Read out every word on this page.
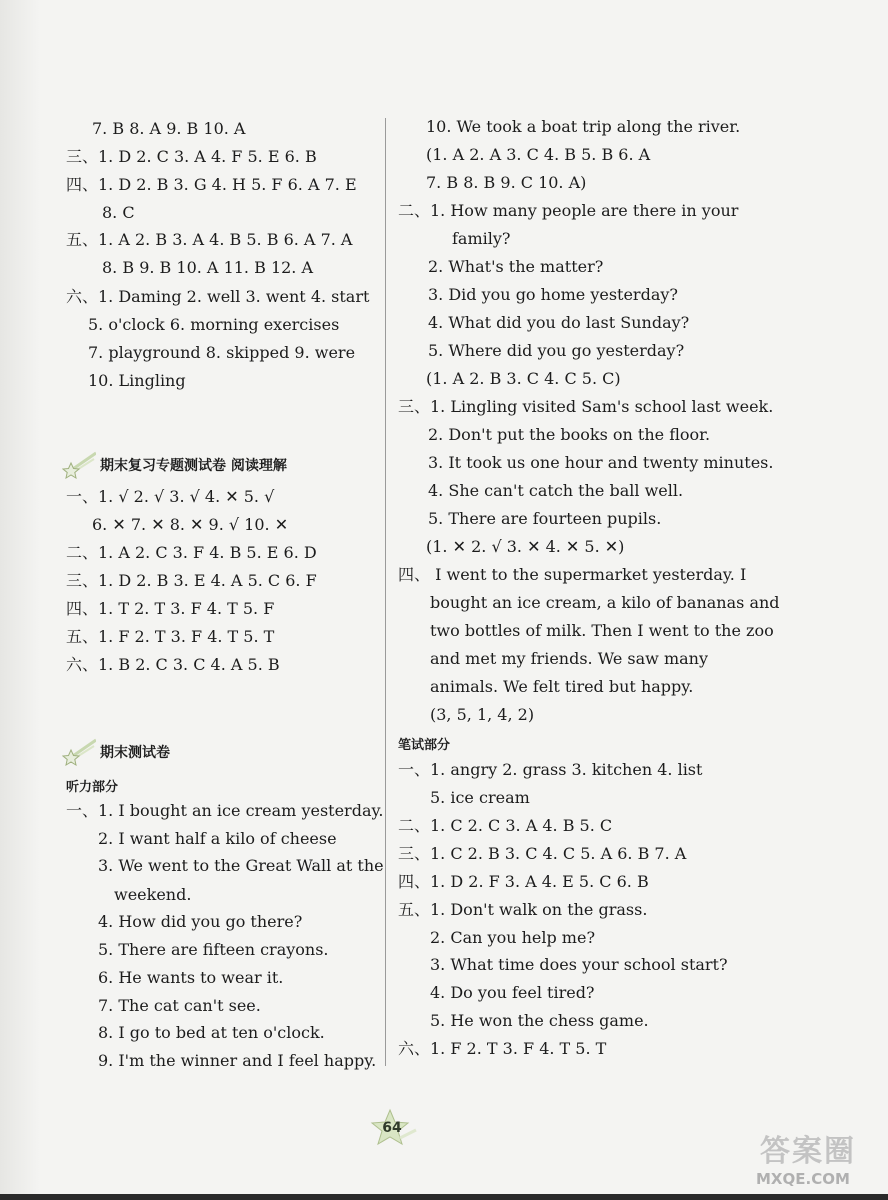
7. B 8. A 9. B 10. A
三、1. D 2. C 3. A 4. F 5. E 6. B
四、1. D 2. B 3. G 4. H 5. F 6. A 7. E
8. C
五、1. A 2. B 3. A 4. B 5. B 6. A 7. A
8. B 9. B 10. A 11. B 12. A
六、1. Daming 2. well 3. went 4. start
5. o'clock 6. morning exercises
7. playground 8. skipped 9. were
10. Lingling
期末复习专题测试卷 阅读理解
一、1. √ 2. √ 3. √ 4. ✕ 5. √
6. ✕ 7. ✕ 8. ✕ 9. √ 10. ✕
二、1. A 2. C 3. F 4. B 5. E 6. D
三、1. D 2. B 3. E 4. A 5. C 6. F
四、1. T 2. T 3. F 4. T 5. F
五、1. F 2. T 3. F 4. T 5. T
六、1. B 2. C 3. C 4. A 5. B
期末测试卷
听力部分
一、1. I bought an ice cream yesterday.
2. I want half a kilo of cheese
3. We went to the Great Wall at the
weekend.
4. How did you go there?
5. There are fifteen crayons.
6. He wants to wear it.
7. The cat can't see.
8. I go to bed at ten o'clock.
9. I'm the winner and I feel happy.
10. We took a boat trip along the river.
(1. A 2. A 3. C 4. B 5. B 6. A
7. B 8. B 9. C 10. A)
二、1. How many people are there in your
family?
2. What's the matter?
3. Did you go home yesterday?
4. What did you do last Sunday?
5. Where did you go yesterday?
(1. A 2. B 3. C 4. C 5. C)
三、1. Lingling visited Sam's school last week.
2. Don't put the books on the floor.
3. It took us one hour and twenty minutes.
4. She can't catch the ball well.
5. There are fourteen pupils.
(1. ✕ 2. √ 3. ✕ 4. ✕ 5. ✕)
四、 I went to the supermarket yesterday. I
bought an ice cream, a kilo of bananas and
two bottles of milk. Then I went to the zoo
and met my friends. We saw many
animals. We felt tired but happy.
(3, 5, 1, 4, 2)
笔试部分
一、1. angry 2. grass 3. kitchen 4. list
5. ice cream
二、1. C 2. C 3. A 4. B 5. C
三、1. C 2. B 3. C 4. C 5. A 6. B 7. A
四、1. D 2. F 3. A 4. E 5. C 6. B
五、1. Don't walk on the grass.
2. Can you help me?
3. What time does your school start?
4. Do you feel tired?
5. He won the chess game.
六、1. F 2. T 3. F 4. T 5. T
64
答案圈
MXQE.COM
